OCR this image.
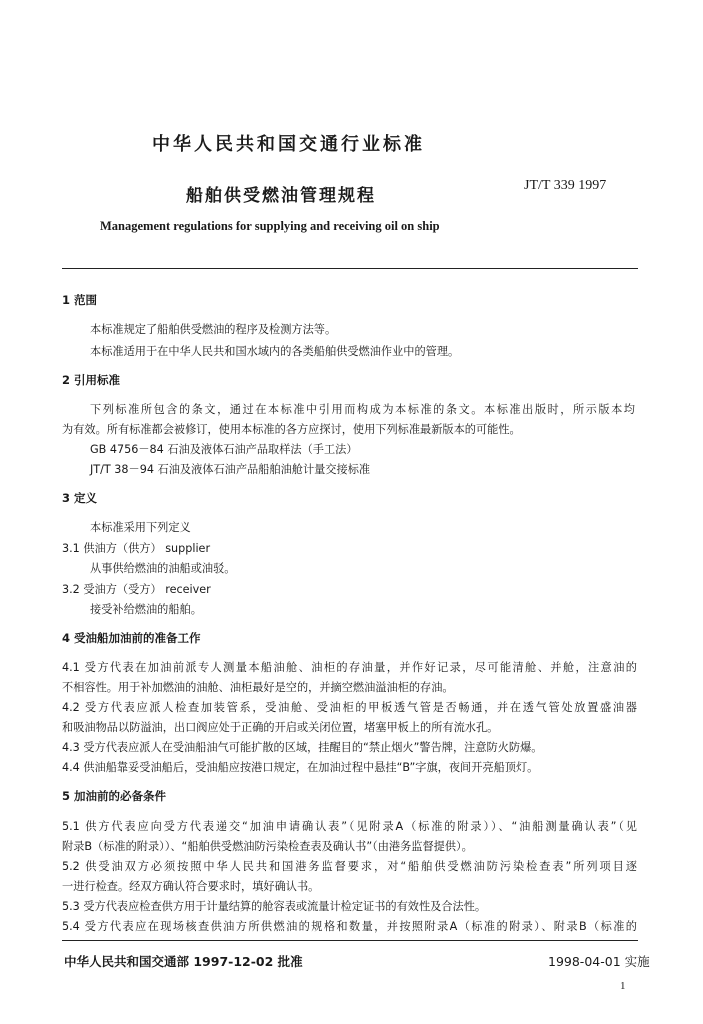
中华人民共和国交通行业标准
船舶供受燃油管理规程
JT/T 339 1997
Management regulations for supplying and receiving oil on ship
1 范围
本标准规定了船舶供受燃油的程序及检测方法等。
本标准适用于在中华人民共和国水域内的各类船舶供受燃油作业中的管理。
2 引用标准
下列标准所包含的条文，通过在本标准中引用而构成为本标准的条文。本标准出版时，所示版本均
为有效。所有标准都会被修订，使用本标准的各方应探讨，使用下列标准最新版本的可能性。
GB 4756－84 石油及液体石油产品取样法（手工法）
JT/T 38－94 石油及液体石油产品船舶油舱计量交接标准
3 定义
本标准采用下列定义
3.1 供油方（供方） supplier
从事供给燃油的油船或油驳。
3.2 受油方（受方） receiver
接受补给燃油的船舶。
4 受油船加油前的准备工作
4.1 受方代表在加油前派专人测量本船油舱、油柜的存油量，并作好记录，尽可能清舱、并舱，注意油的
不相容性。用于补加燃油的油舱、油柜最好是空的，并摘空燃油溢油柜的存油。
4.2 受方代表应派人检查加装管系，受油舱、受油柜的甲板透气管是否畅通，并在透气管处放置盛油器
和吸油物品以防溢油，出口阀应处于正确的开启或关闭位置，堵塞甲板上的所有流水孔。
4.3 受方代表应派人在受油船油气可能扩散的区域，挂醒目的“禁止烟火”警告牌，注意防火防爆。
4.4 供油船靠妥受油船后，受油船应按港口规定，在加油过程中悬挂“B”字旗，夜间开亮船顶灯。
5 加油前的必备条件
5.1 供方代表应向受方代表递交“加油申请确认表”（见附录A（标准的附录））、“油船测量确认表”（见
附录B（标准的附录））、“船舶供受燃油防污染检查表及确认书”（由港务监督提供）。
5.2 供受油双方必须按照中华人民共和国港务监督要求，对“船舶供受燃油防污染检查表”所列项目逐
一进行检查。经双方确认符合要求时，填好确认书。
5.3 受方代表应检查供方用于计量结算的舱容表或流量计检定证书的有效性及合法性。
5.4 受方代表应在现场核查供油方所供燃油的规格和数量，并按照附录A（标准的附录）、附录B（标准的
中华人民共和国交通部 1997-12-02 批准	1998-04-01 实施
1
